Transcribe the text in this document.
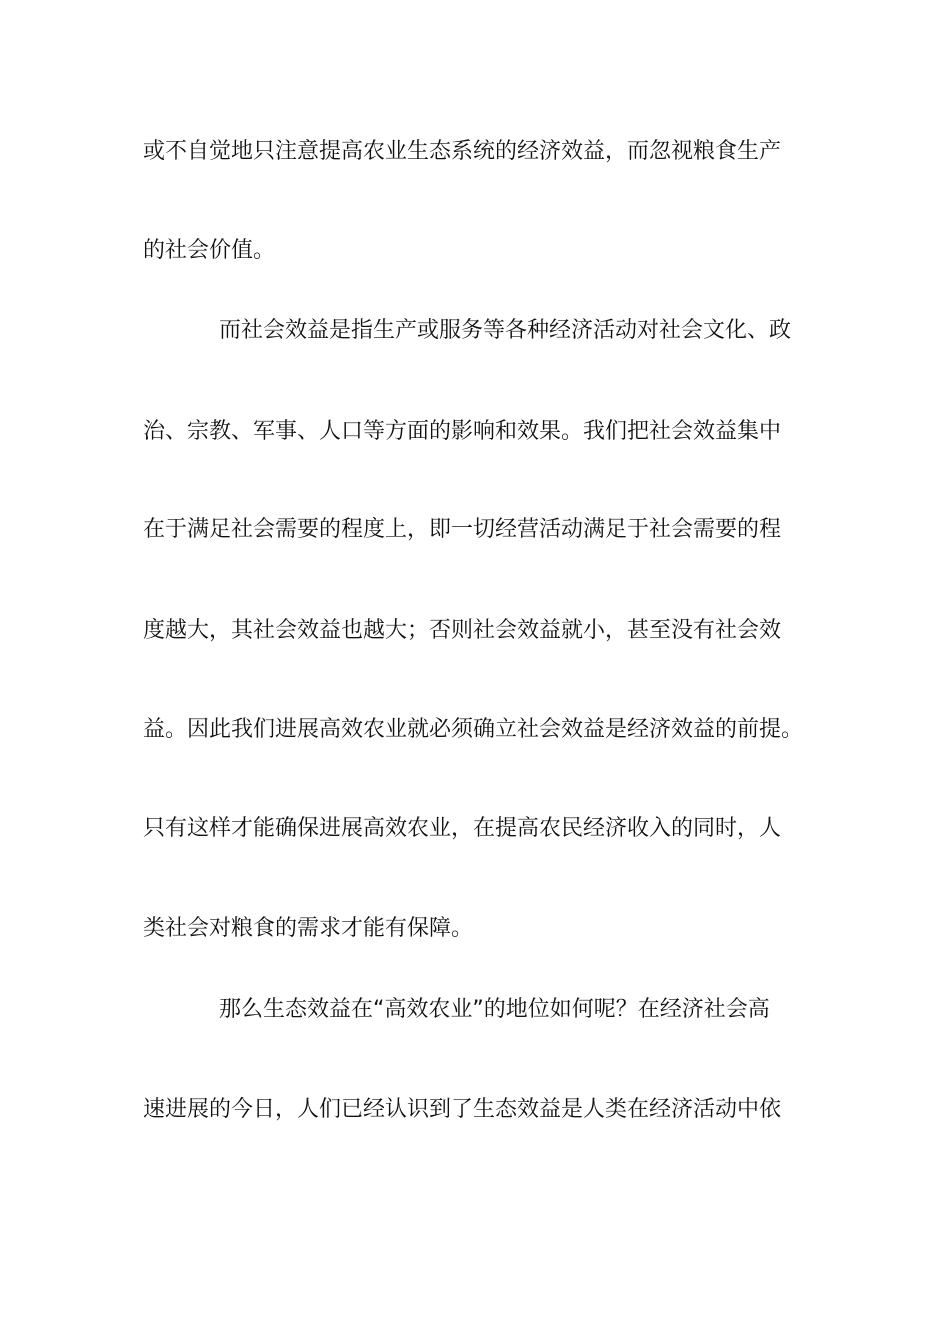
或不自觉地只注意提高农业生态系统的经济效益，而忽视粮食生产

的社会价值。

而社会效益是指生产或服务等各种经济活动对社会文化、政

治、宗教、军事、人口等方面的影响和效果。我们把社会效益集中

在于满足社会需要的程度上，即一切经营活动满足于社会需要的程

度越大，其社会效益也越大；否则社会效益就小，甚至没有社会效

益。因此我们进展高效农业就必须确立社会效益是经济效益的前提。

只有这样才能确保进展高效农业，在提高农民经济收入的同时，人

类社会对粮食的需求才能有保障。

那么生态效益在“高效农业”的地位如何呢？在经济社会高

速进展的今日，人们已经认识到了生态效益是人类在经济活动中依
